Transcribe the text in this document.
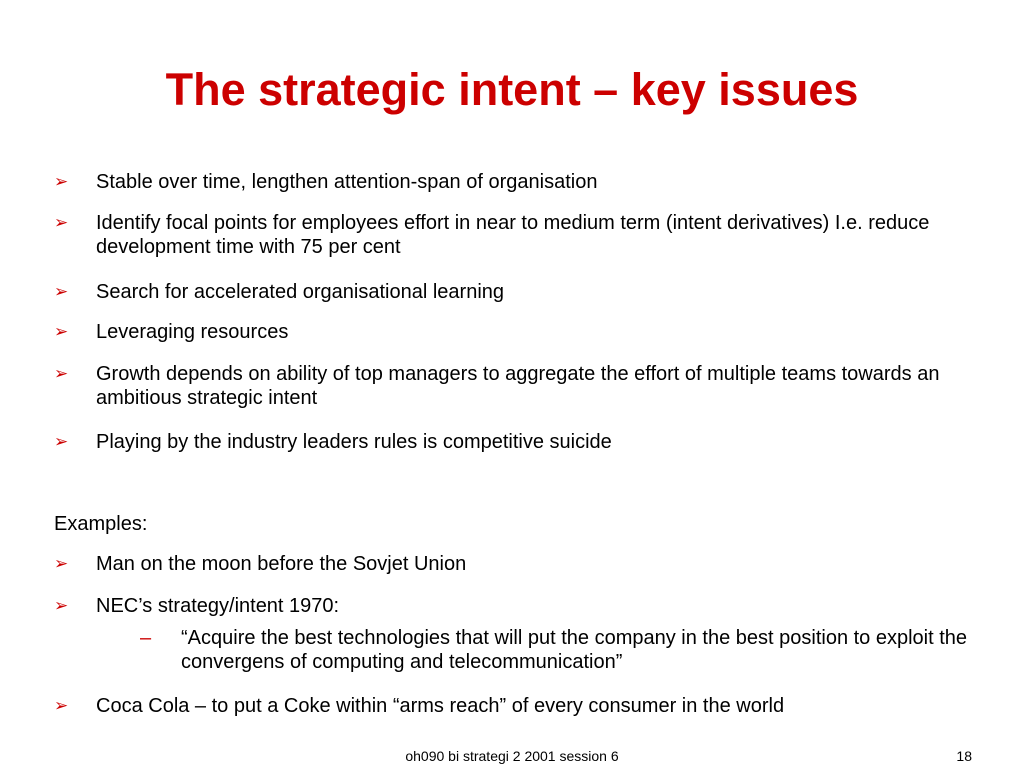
The strategic intent – key issues
➢	Stable over time, lengthen attention-span of organisation
➢	Identify focal points for employees effort in near to medium term (intent derivatives) I.e. reduce development time with 75 per cent
➢	Search for accelerated organisational learning
➢	Leveraging resources
➢	Growth depends on ability of top managers to aggregate the effort of multiple teams towards an ambitious strategic intent
➢	Playing by the industry leaders rules is competitive suicide
Examples:
➢	Man on the moon before the Sovjet Union
➢	NEC’s strategy/intent 1970:
– “Acquire the best technologies that will put the company in the best position to exploit the convergens of computing and telecommunication”
➢	Coca Cola – to put a Coke within “arms reach” of every consumer in the world
oh090 bi strategi 2 2001 session 6	18
